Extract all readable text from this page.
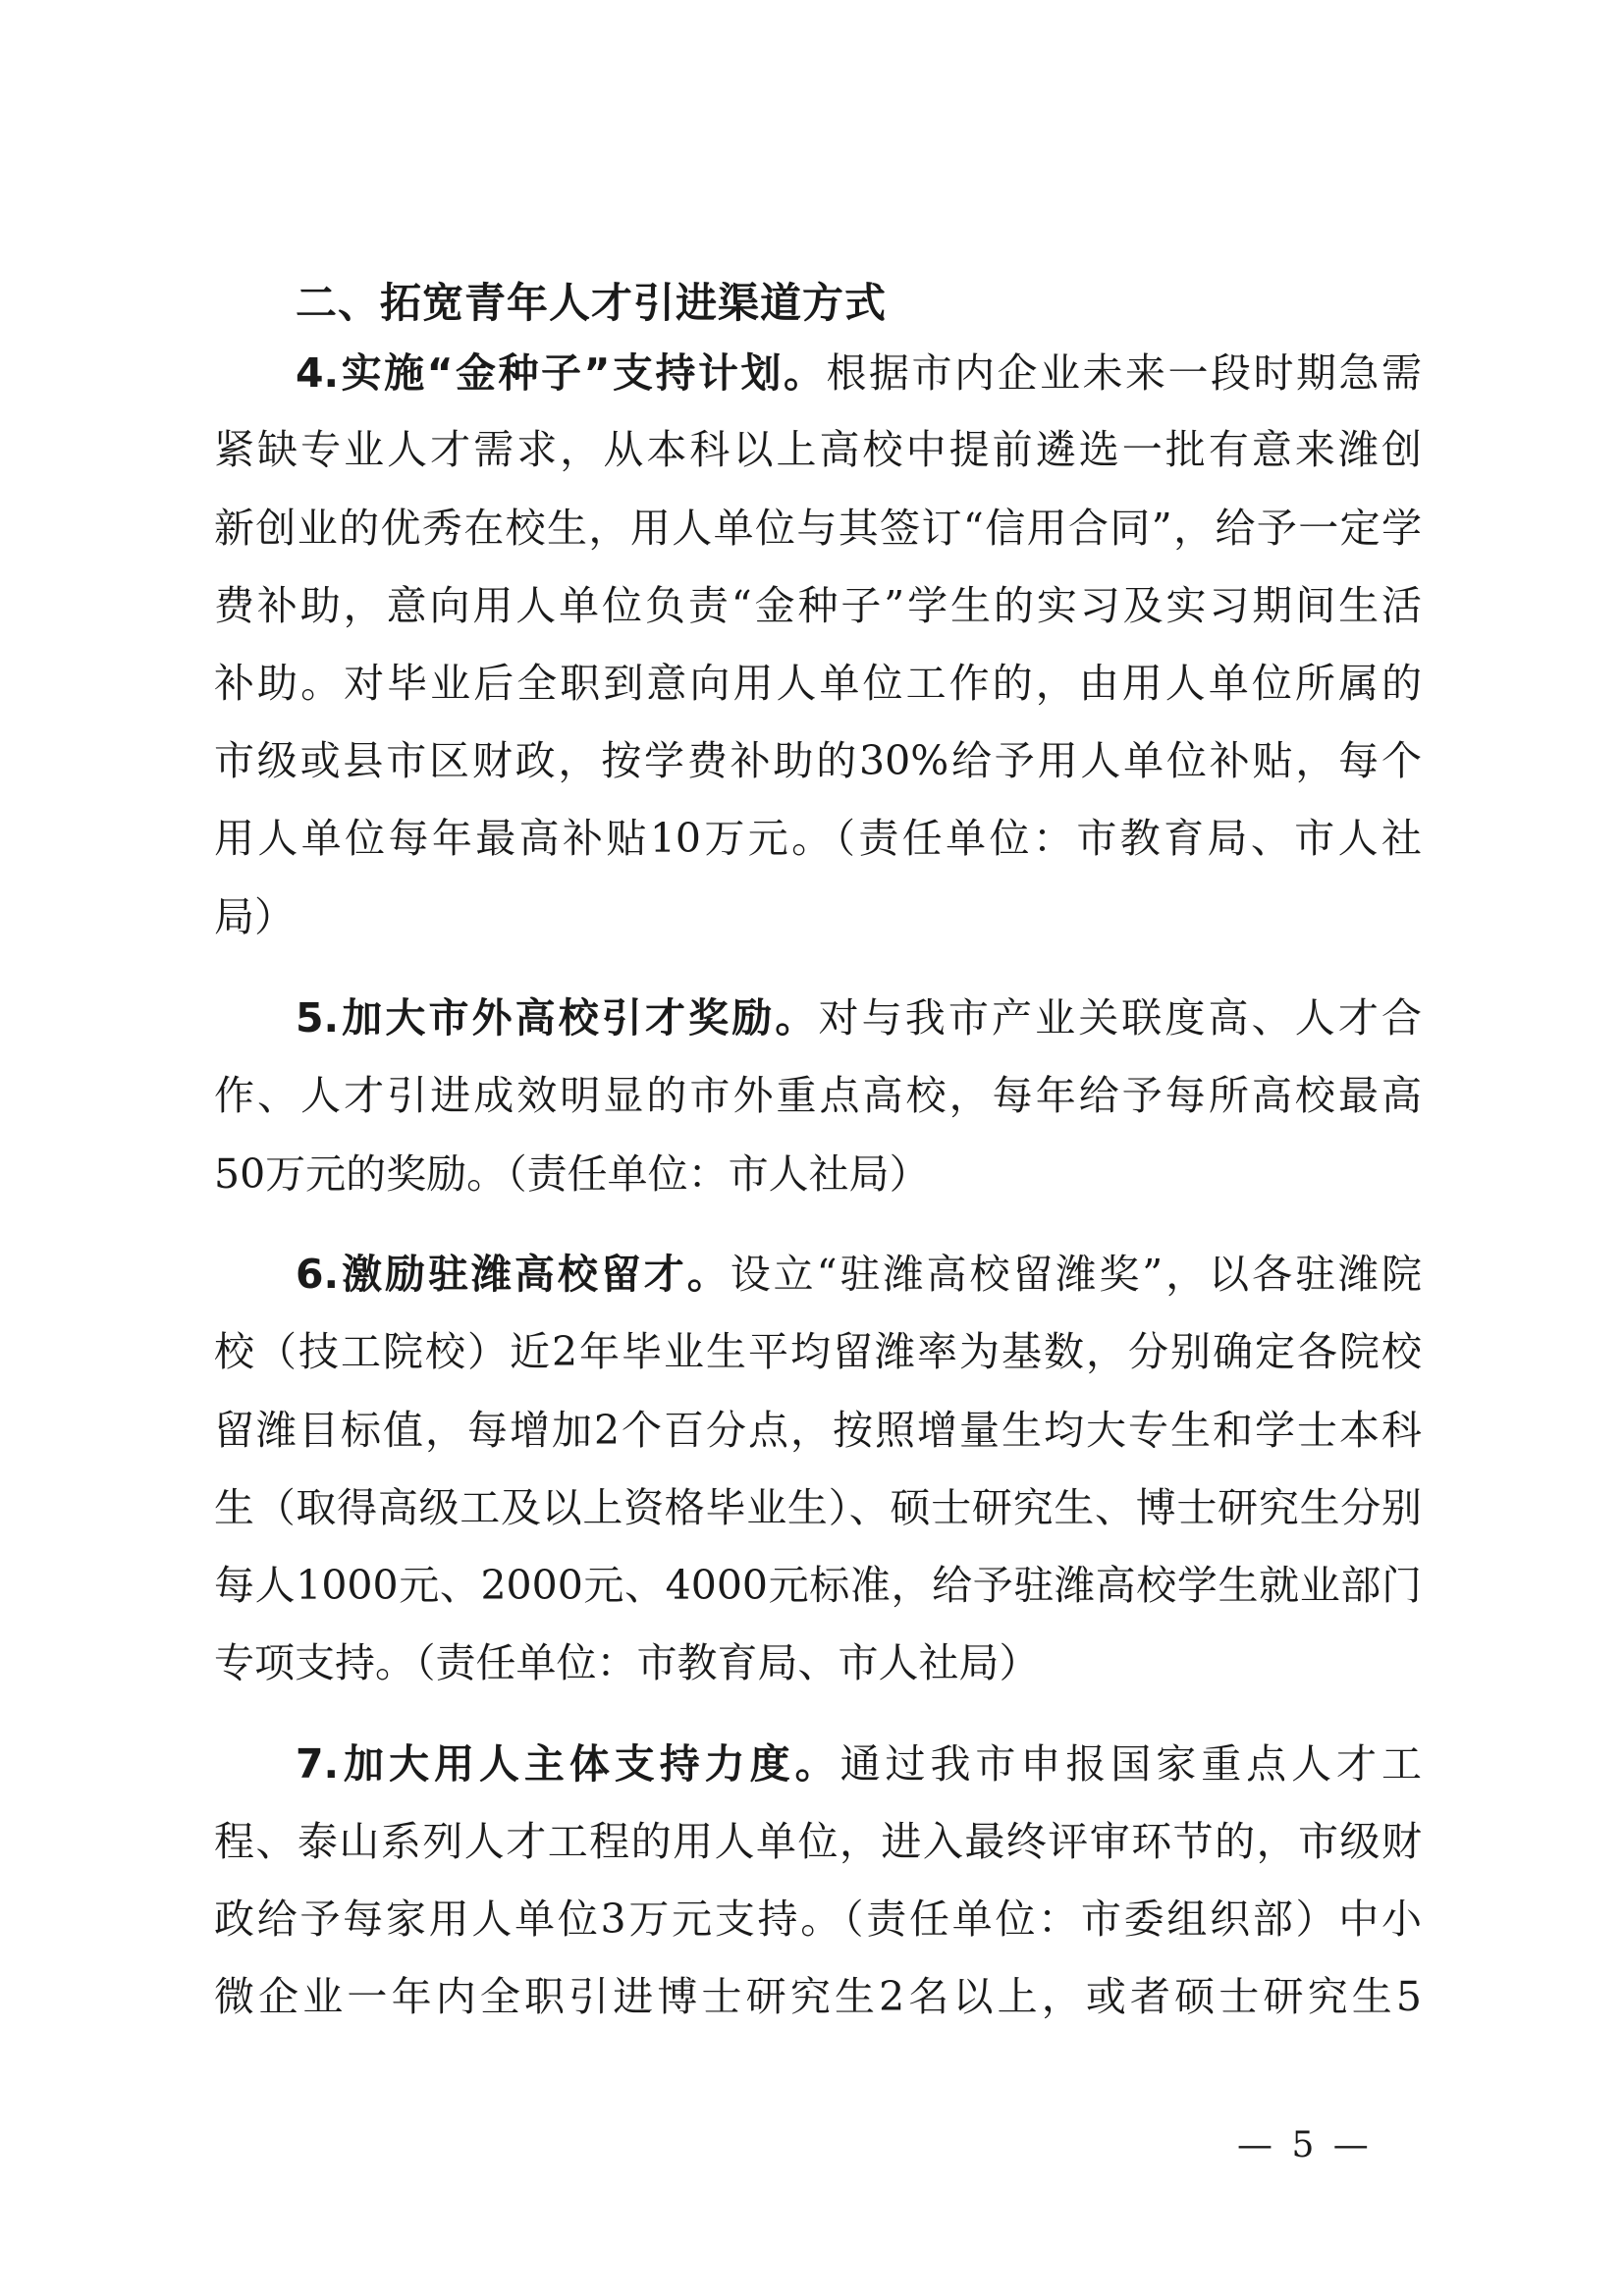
二、拓宽青年人才引进渠道方式
4.实施“金种子”支持计划。根据市内企业未来一段时期急需
紧缺专业人才需求，从本科以上高校中提前遴选一批有意来潍创
新创业的优秀在校生，用人单位与其签订“信用合同”，给予一定学
费补助，意向用人单位负责“金种子”学生的实习及实习期间生活
补助。对毕业后全职到意向用人单位工作的，由用人单位所属的
市级或县市区财政，按学费补助的30%给予用人单位补贴，每个
用人单位每年最高补贴10万元。（责任单位：市教育局、市人社
局）
5.加大市外高校引才奖励。对与我市产业关联度高、人才合
作、人才引进成效明显的市外重点高校，每年给予每所高校最高
50万元的奖励。（责任单位：市人社局）
6.激励驻潍高校留才。设立“驻潍高校留潍奖”，以各驻潍院
校（技工院校）近2年毕业生平均留潍率为基数，分别确定各院校
留潍目标值，每增加2个百分点，按照增量生均大专生和学士本科
生（取得高级工及以上资格毕业生）、硕士研究生、博士研究生分别
每人1000元、2000元、4000元标准，给予驻潍高校学生就业部门
专项支持。（责任单位：市教育局、市人社局）
7.加大用人主体支持力度。通过我市申报国家重点人才工
程、泰山系列人才工程的用人单位，进入最终评审环节的，市级财
政给予每家用人单位3万元支持。（责任单位：市委组织部）中小
微企业一年内全职引进博士研究生2名以上，或者硕士研究生5
— 5 —
